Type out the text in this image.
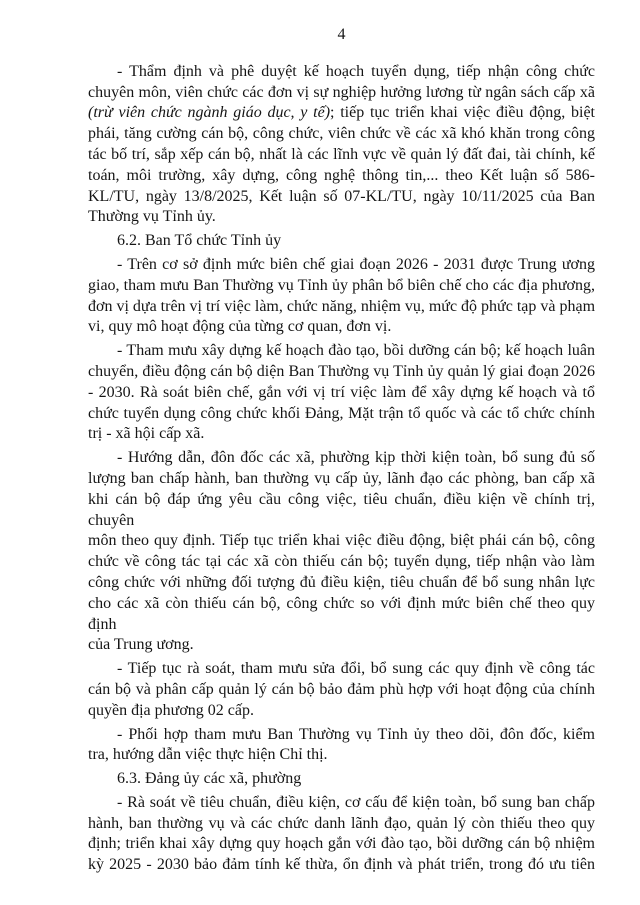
4
- Thẩm định và phê duyệt kế hoạch tuyển dụng, tiếp nhận công chức
chuyên môn, viên chức các đơn vị sự nghiệp hưởng lương từ ngân sách cấp xã
(trừ viên chức ngành giáo dục, y tế); tiếp tục triển khai việc điều động, biệt
phái, tăng cường cán bộ, công chức, viên chức về các xã khó khăn trong công
tác bố trí, sắp xếp cán bộ, nhất là các lĩnh vực về quản lý đất đai, tài chính, kế
toán, môi trường, xây dựng, công nghệ thông tin,... theo Kết luận số 586-
KL/TU, ngày 13/8/2025, Kết luận số 07-KL/TU, ngày 10/11/2025 của Ban
Thường vụ Tỉnh ủy.
6.2. Ban Tổ chức Tỉnh ủy
- Trên cơ sở định mức biên chế giai đoạn 2026 - 2031 được Trung ương
giao, tham mưu Ban Thường vụ Tỉnh ủy phân bổ biên chế cho các địa phương,
đơn vị dựa trên vị trí việc làm, chức năng, nhiệm vụ, mức độ phức tạp và phạm
vi, quy mô hoạt động của từng cơ quan, đơn vị.
- Tham mưu xây dựng kế hoạch đào tạo, bồi dưỡng cán bộ; kế hoạch luân
chuyển, điều động cán bộ diện Ban Thường vụ Tỉnh ủy quản lý giai đoạn 2026
- 2030. Rà soát biên chế, gắn với vị trí việc làm để xây dựng kế hoạch và tổ
chức tuyển dụng công chức khối Đảng, Mặt trận tổ quốc và các tổ chức chính
trị - xã hội cấp xã.
- Hướng dẫn, đôn đốc các xã, phường kịp thời kiện toàn, bổ sung đủ số
lượng ban chấp hành, ban thường vụ cấp ủy, lãnh đạo các phòng, ban cấp xã
khi cán bộ đáp ứng yêu cầu công việc, tiêu chuẩn, điều kiện về chính trị, chuyên
môn theo quy định. Tiếp tục triển khai việc điều động, biệt phái cán bộ, công
chức về công tác tại các xã còn thiếu cán bộ; tuyển dụng, tiếp nhận vào làm
công chức với những đối tượng đủ điều kiện, tiêu chuẩn để bổ sung nhân lực
cho các xã còn thiếu cán bộ, công chức so với định mức biên chế theo quy định
của Trung ương.
- Tiếp tục rà soát, tham mưu sửa đổi, bổ sung các quy định về công tác
cán bộ và phân cấp quản lý cán bộ bảo đảm phù hợp với hoạt động của chính
quyền địa phương 02 cấp.
- Phối hợp tham mưu Ban Thường vụ Tỉnh ủy theo dõi, đôn đốc, kiểm
tra, hướng dẫn việc thực hiện Chỉ thị.
6.3. Đảng ủy các xã, phường
- Rà soát về tiêu chuẩn, điều kiện, cơ cấu để kiện toàn, bổ sung ban chấp
hành, ban thường vụ và các chức danh lãnh đạo, quản lý còn thiếu theo quy
định; triển khai xây dựng quy hoạch gắn với đào tạo, bồi dưỡng cán bộ nhiệm
kỳ 2025 - 2030 bảo đảm tính kế thừa, ổn định và phát triển, trong đó ưu tiên
